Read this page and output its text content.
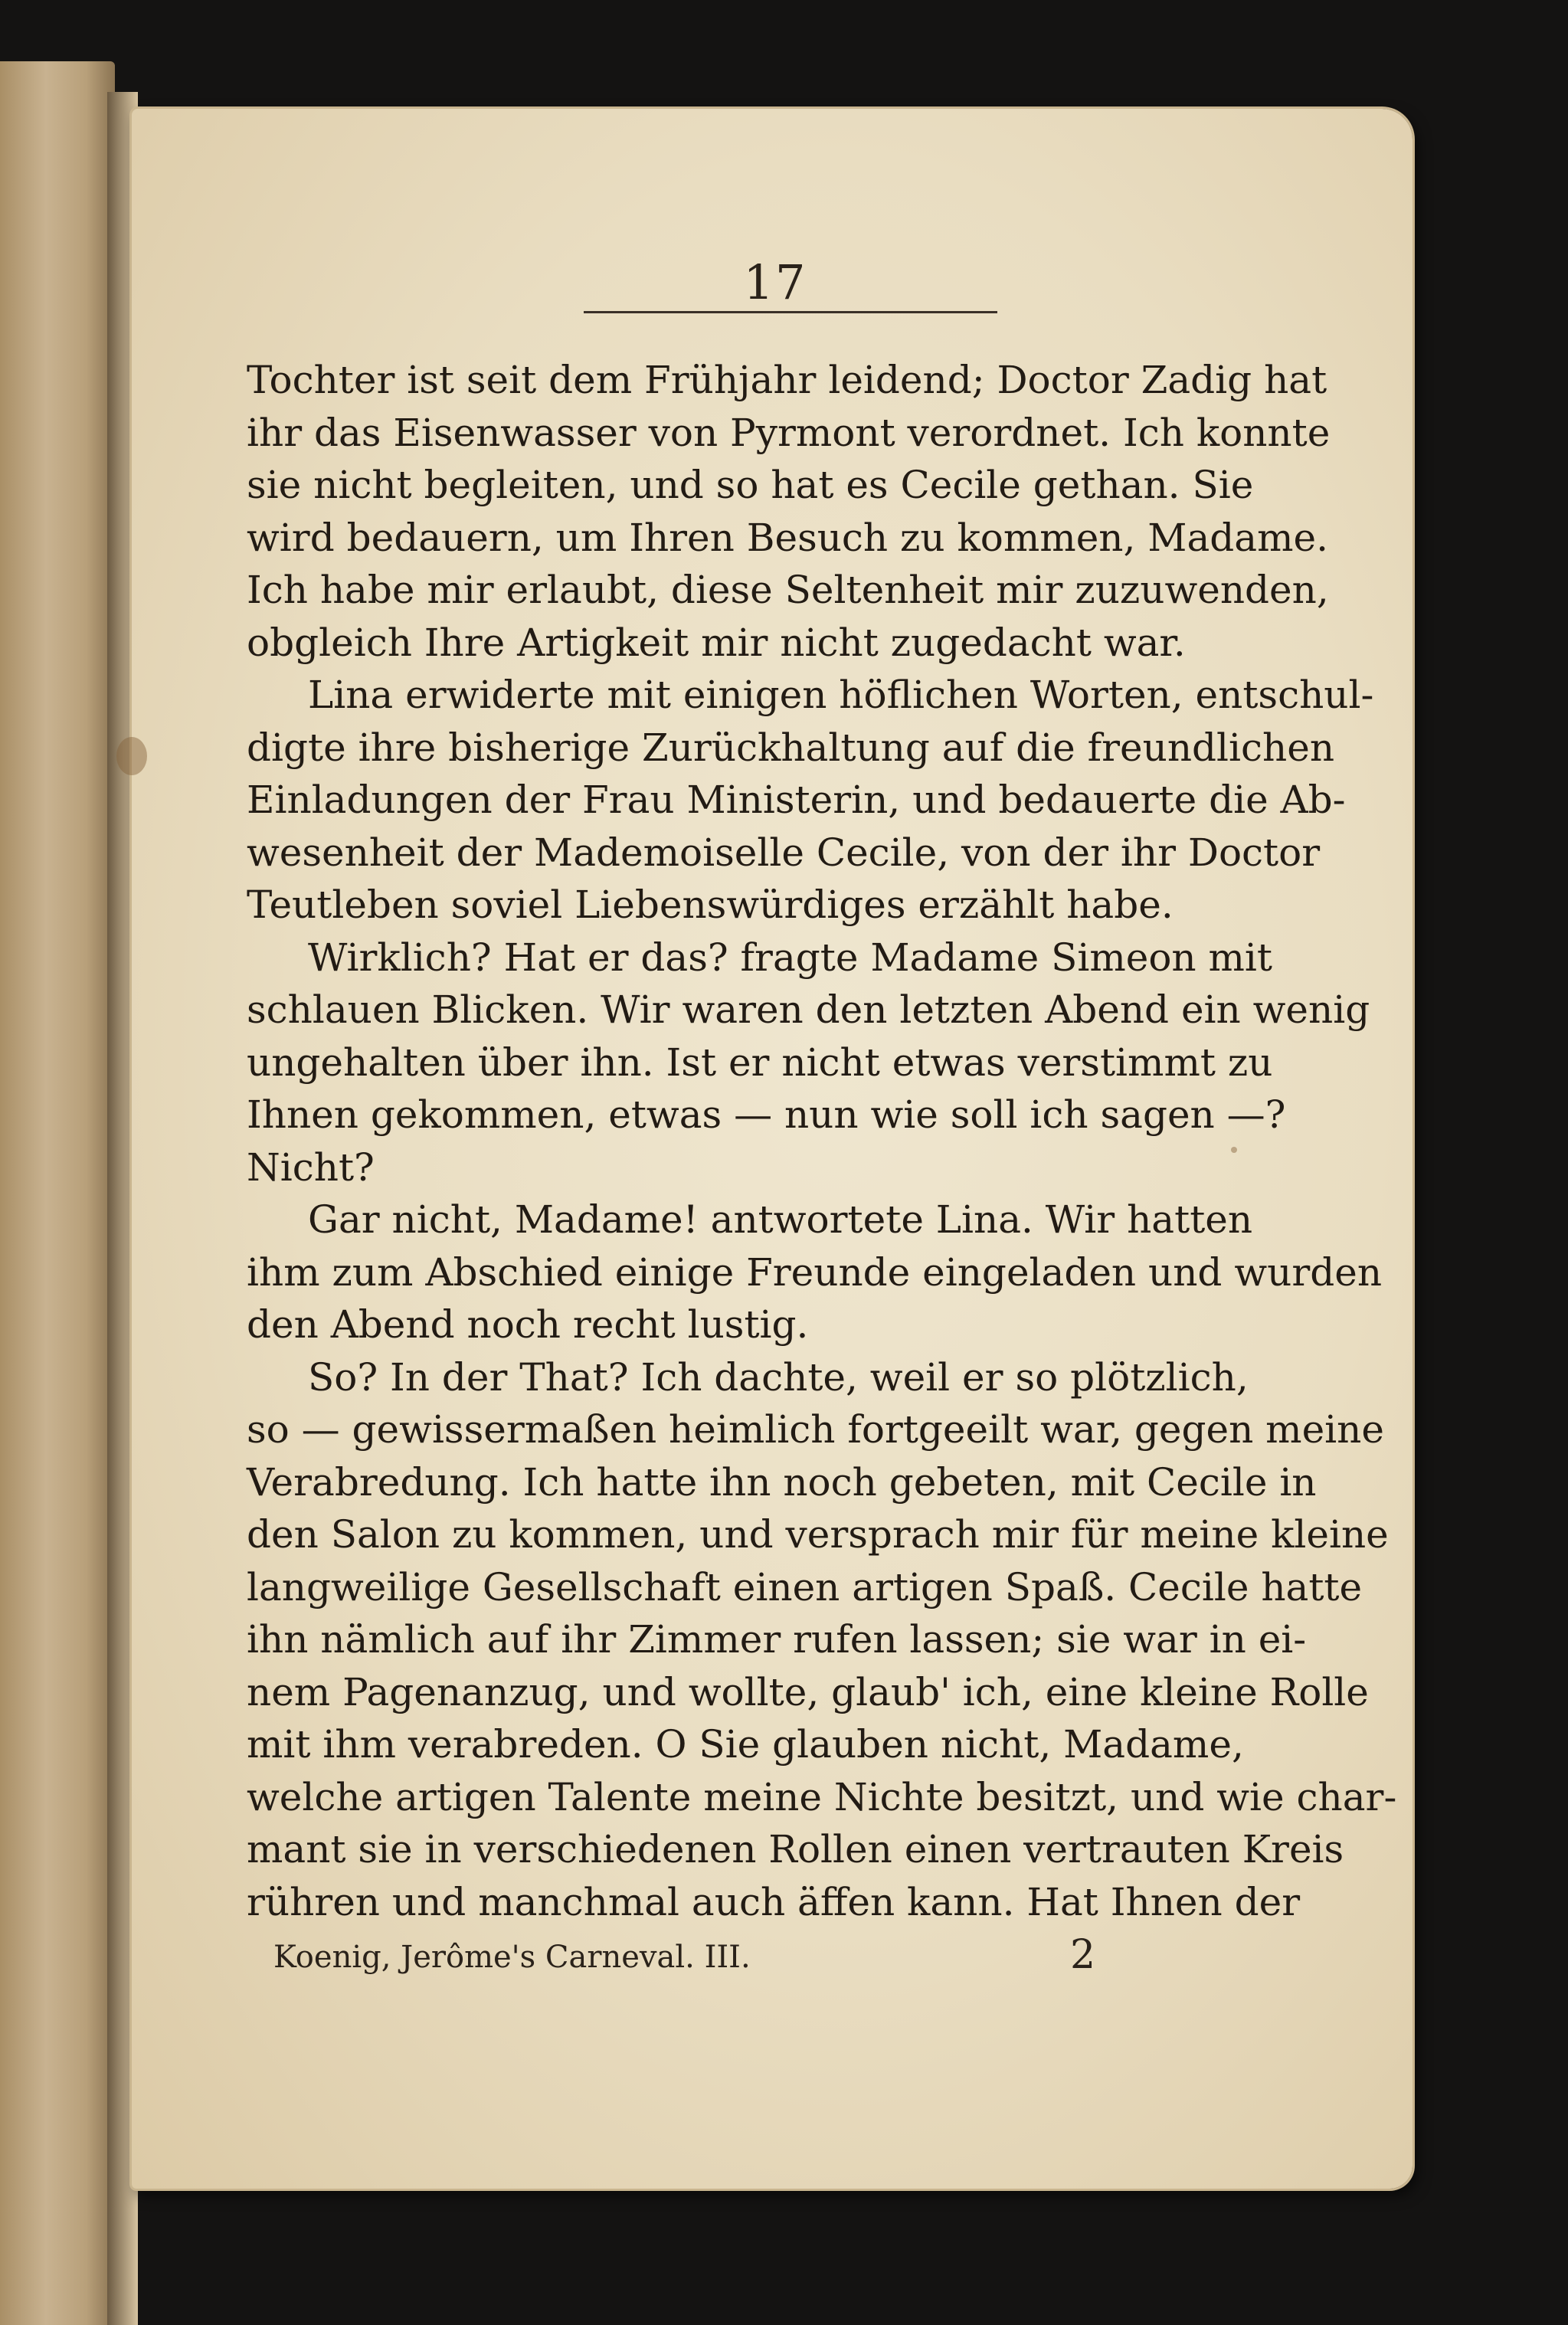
17
Tochter ist seit dem Frühjahr leidend; Doctor Zadig hat
ihr das Eisenwasser von Pyrmont verordnet. Ich konnte
sie nicht begleiten, und so hat es Cecile gethan. Sie
wird bedauern, um Ihren Besuch zu kommen, Madame.
Ich habe mir erlaubt, diese Seltenheit mir zuzuwenden,
obgleich Ihre Artigkeit mir nicht zugedacht war.
Lina erwiderte mit einigen höflichen Worten, entschul-
digte ihre bisherige Zurückhaltung auf die freundlichen
Einladungen der Frau Ministerin, und bedauerte die Ab-
wesenheit der Mademoiselle Cecile, von der ihr Doctor
Teutleben soviel Liebenswürdiges erzählt habe.
Wirklich? Hat er das? fragte Madame Simeon mit
schlauen Blicken. Wir waren den letzten Abend ein wenig
ungehalten über ihn. Ist er nicht etwas verstimmt zu
Ihnen gekommen, etwas — nun wie soll ich sagen —?
Nicht?
Gar nicht, Madame! antwortete Lina. Wir hatten
ihm zum Abschied einige Freunde eingeladen und wurden
den Abend noch recht lustig.
So? In der That? Ich dachte, weil er so plötzlich,
so — gewissermaßen heimlich fortgeeilt war, gegen meine
Verabredung. Ich hatte ihn noch gebeten, mit Cecile in
den Salon zu kommen, und versprach mir für meine kleine
langweilige Gesellschaft einen artigen Spaß. Cecile hatte
ihn nämlich auf ihr Zimmer rufen lassen; sie war in ei-
nem Pagenanzug, und wollte, glaub' ich, eine kleine Rolle
mit ihm verabreden. O Sie glauben nicht, Madame,
welche artigen Talente meine Nichte besitzt, und wie char-
mant sie in verschiedenen Rollen einen vertrauten Kreis
rühren und manchmal auch äffen kann. Hat Ihnen der
Koenig, Jerôme's Carneval. III.	2
